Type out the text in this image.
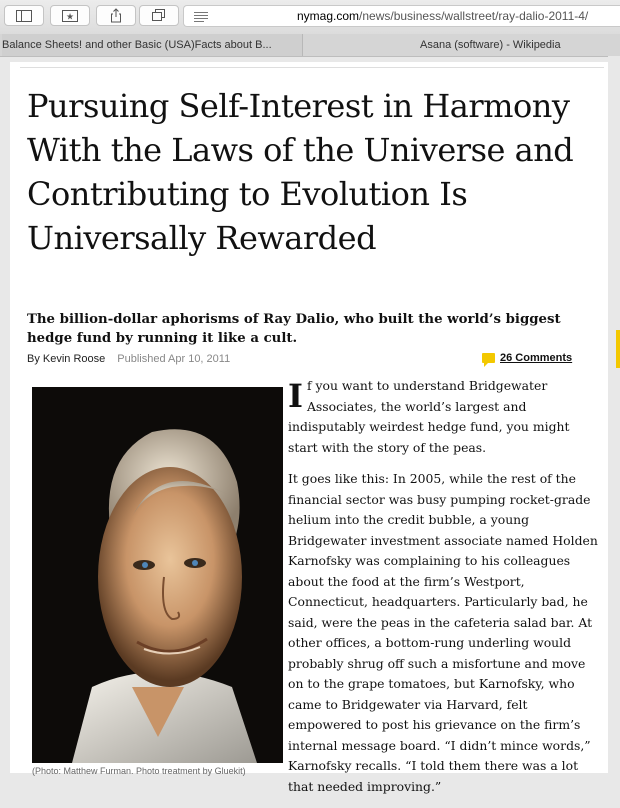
★	nymag.com/news/business/wallstreet/ray-dalio-2011-4/
Balance Sheets! and other Basic (USA)Facts about B...	Asana (software) - Wikipedia
Pursuing Self-Interest in Harmony With the Laws of the Universe and Contributing to Evolution Is Universally Rewarded

The billion-dollar aphorisms of Ray Dalio, who built the world’s biggest hedge fund by running it like a cult.

By Kevin Roose Published Apr 10, 2011	26 Comments
(Photo: Matthew Furman. Photo treatment by Gluekit)

If you want to understand Bridgewater Associates, the world’s largest and indisputably weirdest hedge fund, you might start with the story of the peas.

It goes like this: In 2005, while the rest of the financial sector was busy pumping rocket-grade helium into the credit bubble, a young Bridgewater investment associate named Holden Karnofsky was complaining to his colleagues about the food at the firm’s Westport, Connecticut, headquarters. Particularly bad, he said, were the peas in the cafeteria salad bar. At other offices, a bottom-rung underling would probably shrug off such a misfortune and move on to the grape tomatoes, but Karnofsky, who came to Bridgewater via Harvard, felt empowered to post his grievance on the firm’s internal message board. “I didn’t mince words,” Karnofsky recalls. “I told them there was a lot that needed improving.”
